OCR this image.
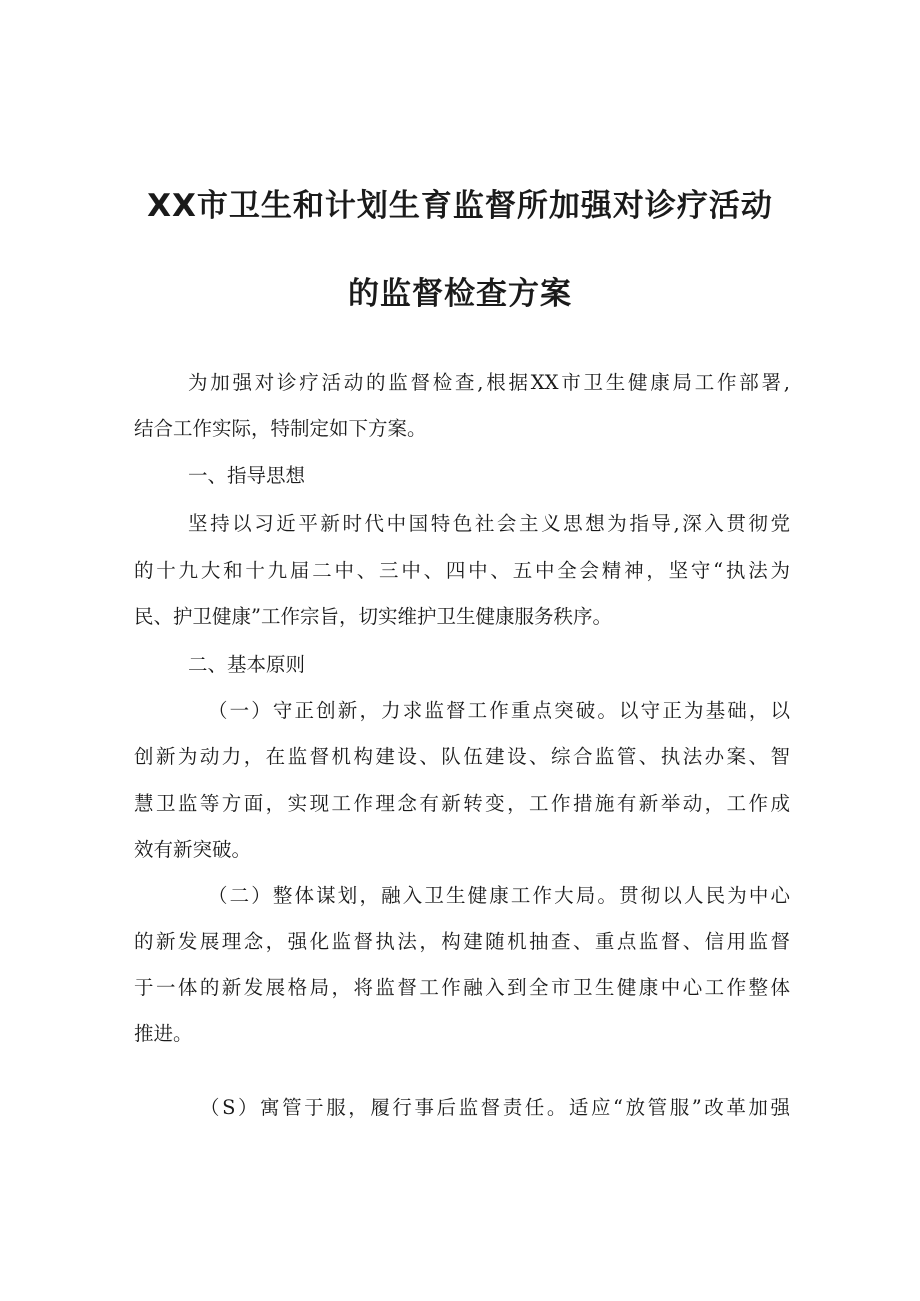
XX市卫生和计划生育监督所加强对诊疗活动
的监督检查方案
为加强对诊疗活动的监督检查,根据XX市卫生健康局工作部署,
结合工作实际，特制定如下方案。
一、指导思想
坚持以习近平新时代中国特色社会主义思想为指导,深入贯彻党
的十九大和十九届二中、三中、四中、五中全会精神，坚守“执法为
民、护卫健康”工作宗旨，切实维护卫生健康服务秩序。
二、基本原则
（一）守正创新，力求监督工作重点突破。以守正为基础，以
创新为动力，在监督机构建设、队伍建设、综合监管、执法办案、智
慧卫监等方面，实现工作理念有新转变，工作措施有新举动，工作成
效有新突破。
（二）整体谋划，融入卫生健康工作大局。贯彻以人民为中心
的新发展理念，强化监督执法，构建随机抽查、重点监督、信用监督
于一体的新发展格局，将监督工作融入到全市卫生健康中心工作整体
推进。
（S）寓管于服，履行事后监督责任。适应“放管服”改革加强
